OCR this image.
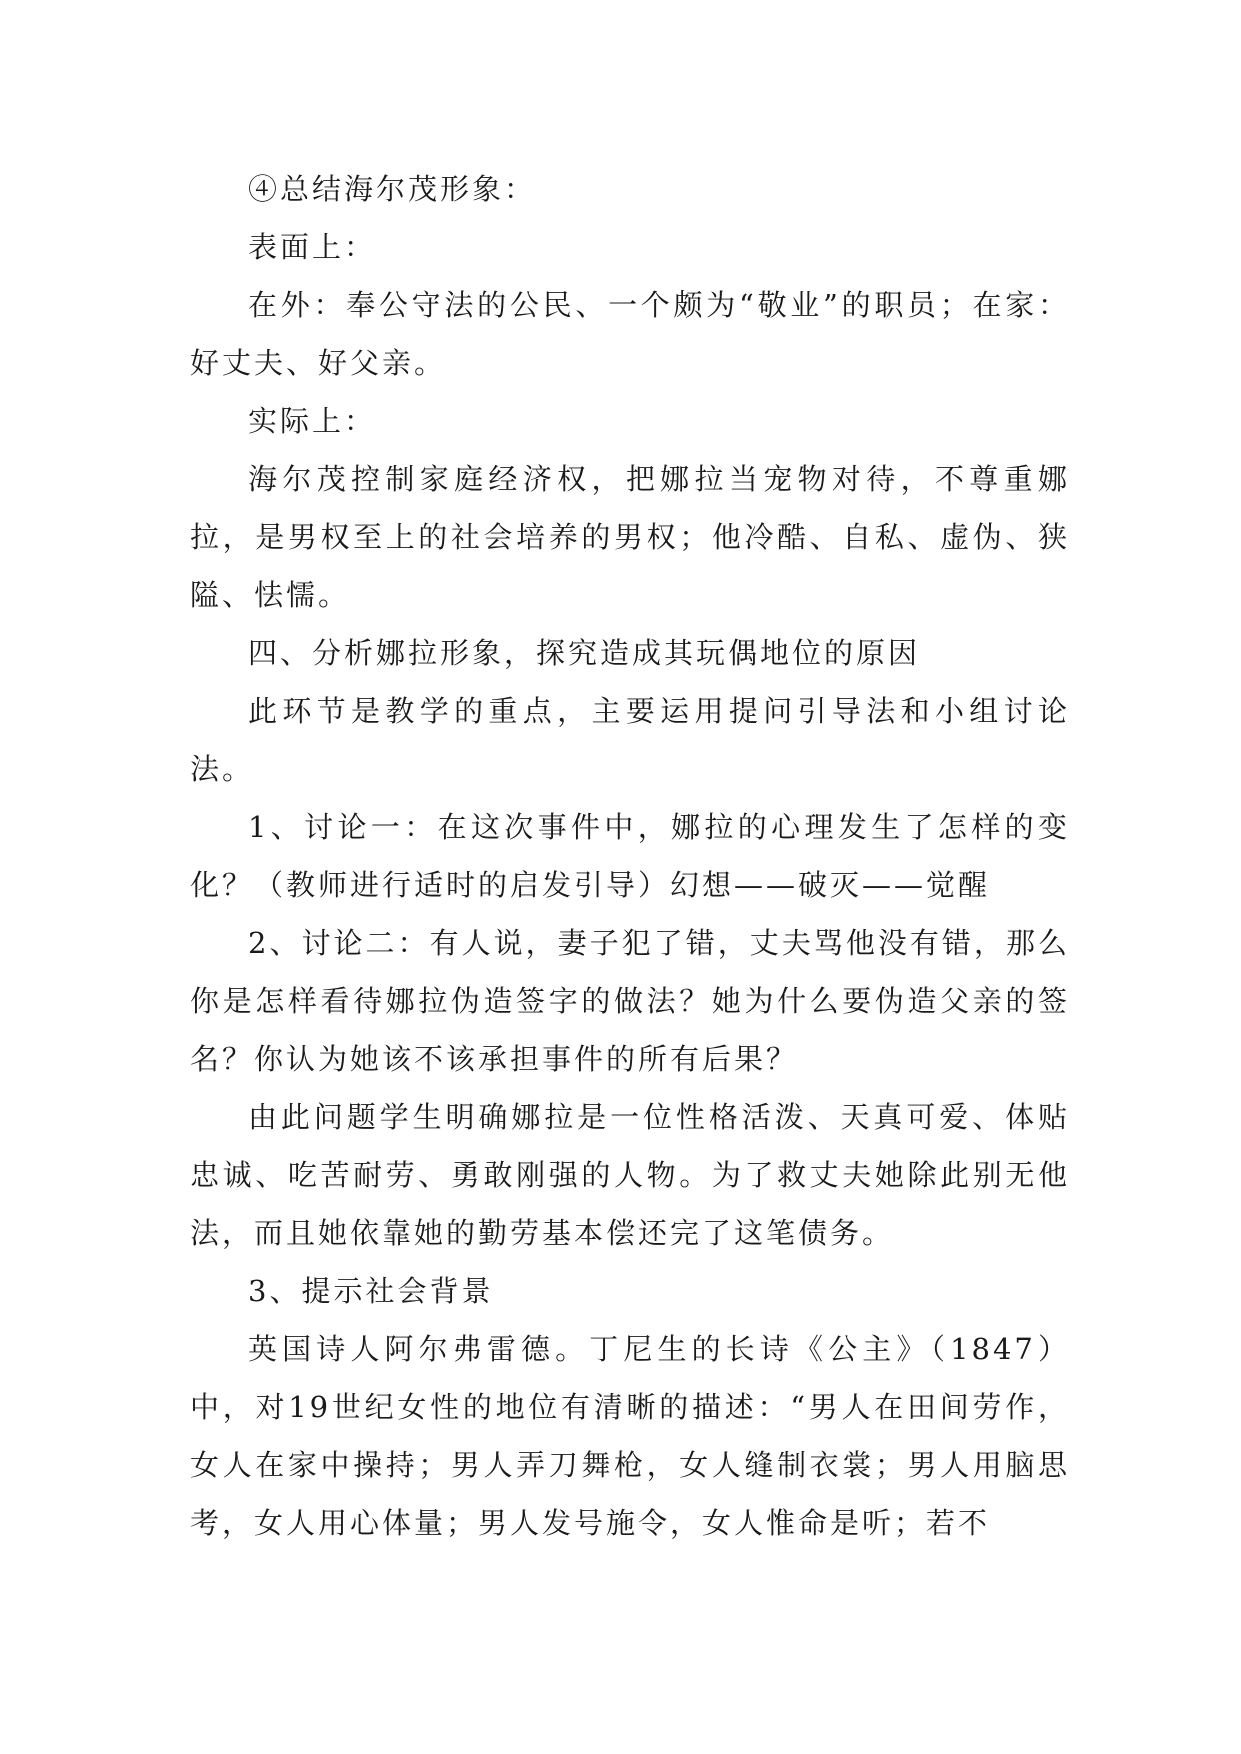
④总结海尔茂形象：

表面上：

在外：奉公守法的公民、一个颇为“敬业”的职员；在家：好丈夫、好父亲。

实际上：

海尔茂控制家庭经济权，把娜拉当宠物对待，不尊重娜拉，是男权至上的社会培养的男权；他冷酷、自私、虚伪、狭隘、怯懦。

四、分析娜拉形象，探究造成其玩偶地位的原因

此环节是教学的重点，主要运用提问引导法和小组讨论法。

1、讨论一：在这次事件中，娜拉的心理发生了怎样的变化？（教师进行适时的启发引导）幻想——破灭——觉醒

2、讨论二：有人说，妻子犯了错，丈夫骂他没有错，那么你是怎样看待娜拉伪造签字的做法？她为什么要伪造父亲的签名？你认为她该不该承担事件的所有后果？

由此问题学生明确娜拉是一位性格活泼、天真可爱、体贴忠诚、吃苦耐劳、勇敢刚强的人物。为了救丈夫她除此别无他法，而且她依靠她的勤劳基本偿还完了这笔债务。

3、提示社会背景

英国诗人阿尔弗雷德。丁尼生的长诗《公主》（1847）中，对19世纪女性的地位有清晰的描述：“男人在田间劳作，女人在家中操持；男人弄刀舞枪，女人缝制衣裳；男人用脑思考，女人用心体量；男人发号施令，女人惟命是听；若不
